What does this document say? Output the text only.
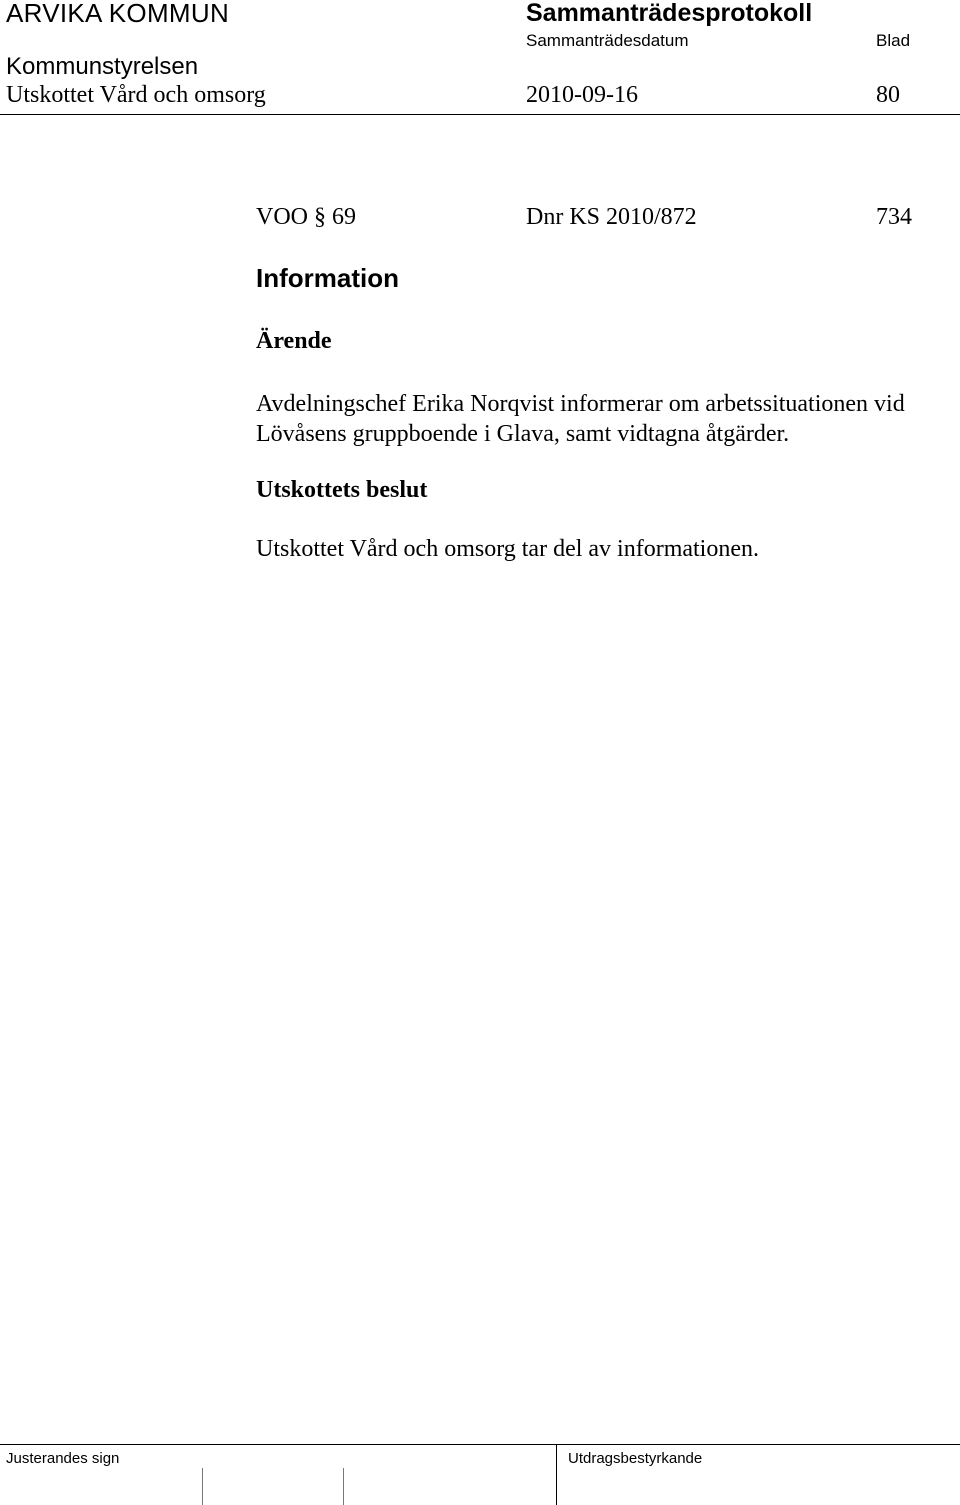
ARVIKA KOMMUN	Sammanträdesprotokoll
Sammanträdesdatum	Blad
Kommunstyrelsen
Utskottet Vård och omsorg	2010-09-16	80
VOO § 69	Dnr KS 2010/872	734
Information
Ärende
Avdelningschef Erika Norqvist informerar om arbetssituationen vid
Lövåsens gruppboende i Glava, samt vidtagna åtgärder.
Utskottets beslut
Utskottet Vård och omsorg tar del av informationen.
Justerandes sign	Utdragsbestyrkande
